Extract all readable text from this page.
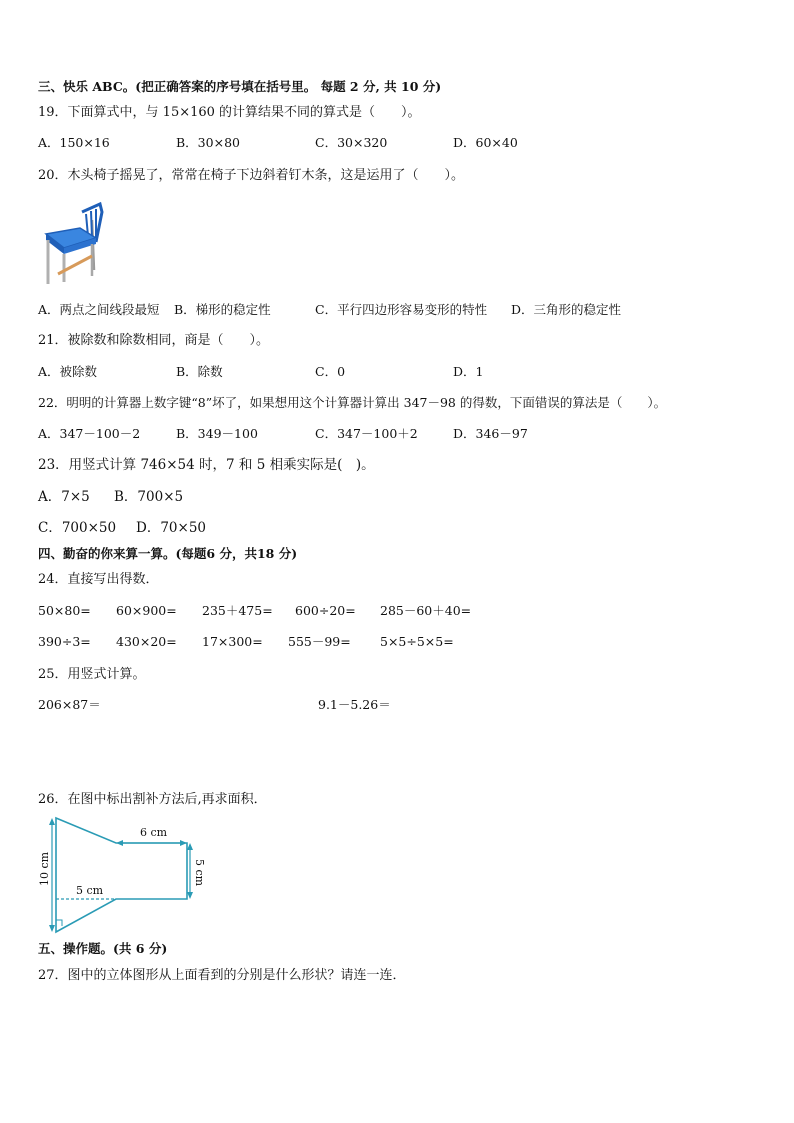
三、快乐 ABC。(把正确答案的序号填在括号里。 每题 2 分, 共 10 分)
19．下面算式中，与 15×160 的计算结果不同的算式是（　　）。
A．150×16	B．30×80	C．30×320	D．60×40
20．木头椅子摇晃了，常常在椅子下边斜着钉木条，这是运用了（　　）。
A．两点之间线段最短 B．梯形的稳定性	C．平行四边形容易变形的特性 D．三角形的稳定性
21．被除数和除数相同，商是（　　）。
A．被除数	B．除数	C．0	D．1
22．明明的计算器上数字键“8”坏了，如果想用这个计算器计算出 347－98 的得数，下面错误的算法是（　　）。
A．347－100－2	B．349－100	C．347－100＋2	D．346－97
23．用竖式计算 746×54 时，7 和 5 相乘实际是(　)。
A．7×5 B．700×5
C．700×50 D．70×50
四、勤奋的你来算一算。(每题6 分，共18 分)
24．直接写出得数．
50×80= 60×900= 235＋475= 600÷20= 285－60＋40=
390÷3= 430×20= 17×300= 555－99= 5×5÷5×5=
25．用竖式计算。
206×87＝	9.1－5.26＝
26．在图中标出割补方法后,再求面积．
6 cm
5 cm
10 cm	5 cm
五、操作题。(共 6 分)
27．图中的立体图形从上面看到的分别是什么形状？请连一连．
